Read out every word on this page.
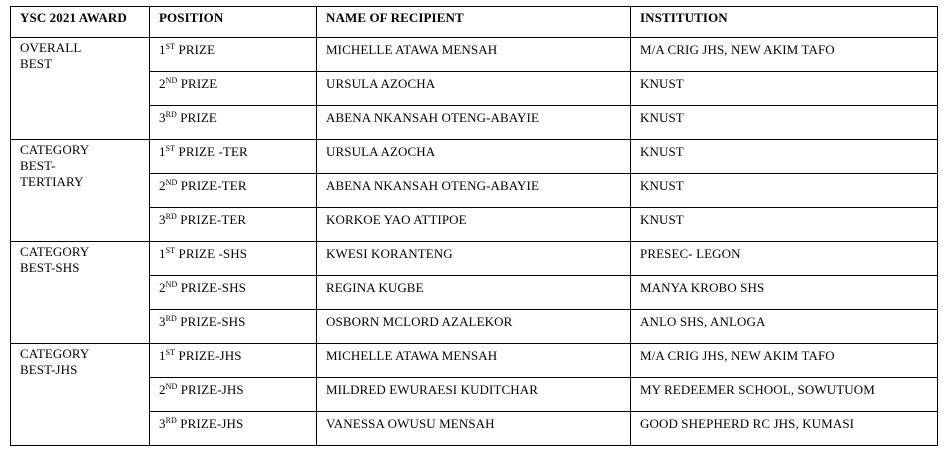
YSC 2021 AWARD	POSITION	NAME OF RECIPIENT	INSTITUTION

OVERALL BEST	1ST PRIZE	MICHELLE ATAWA MENSAH	M/A CRIG JHS, NEW AKIM TAFO
	2ND PRIZE	URSULA AZOCHA	KNUST
	3RD PRIZE	ABENA NKANSAH OTENG-ABAYIE	KNUST

CATEGORY BEST-TERTIARY	1ST PRIZE -TER	URSULA AZOCHA	KNUST
	2ND PRIZE-TER	ABENA NKANSAH OTENG-ABAYIE	KNUST
	3RD PRIZE-TER	KORKOE YAO ATTIPOE	KNUST

CATEGORY BEST-SHS	1ST PRIZE -SHS	KWESI KORANTENG	PRESEC- LEGON
	2ND PRIZE-SHS	REGINA KUGBE	MANYA KROBO SHS
	3RD PRIZE-SHS	OSBORN MCLORD AZALEKOR	ANLO SHS, ANLOGA

CATEGORY BEST-JHS	1ST PRIZE-JHS	MICHELLE ATAWA MENSAH	M/A CRIG JHS, NEW AKIM TAFO
	2ND PRIZE-JHS	MILDRED EWURAESI KUDITCHAR	MY REDEEMER SCHOOL, SOWUTUOM
	3RD PRIZE-JHS	VANESSA OWUSU MENSAH	GOOD SHEPHERD RC JHS, KUMASI
